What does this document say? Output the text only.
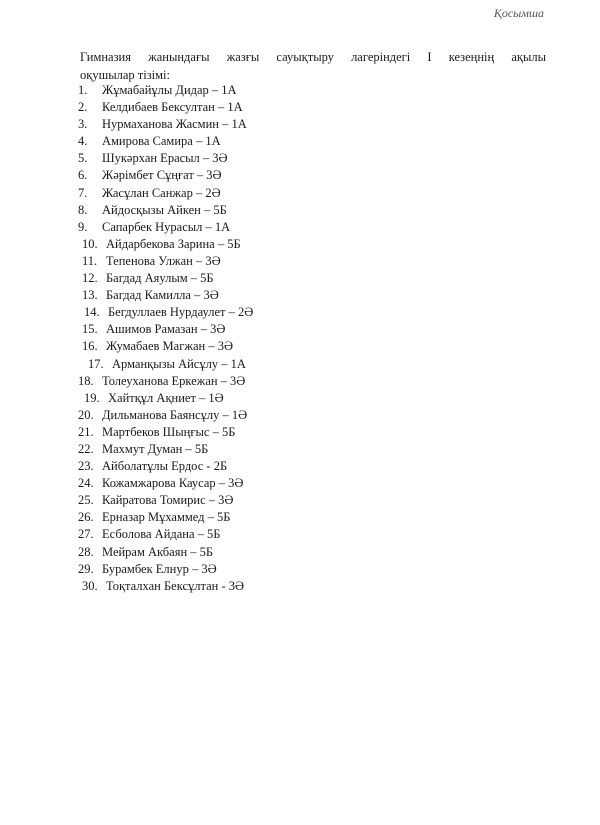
Қосымша
Гимназия жанындағы жазғы сауықтыру лагеріндегі I кезеңнің ақылы
оқушылар тізімі:
1. Жұмабайұлы Дидар – 1А
2. Келдибаев Бексултан – 1А
3. Нурмаханова Жасмин – 1А
4. Амирова Самира – 1А
5. Шукәрхан Ерасыл – 3Ә
6. Жәрімбет Сұңғат – 3Ә
7. Жасұлан Санжар – 2Ә
8. Айдосқызы Айкен – 5Б
9. Сапарбек Нурасыл – 1А
10. Айдарбекова Зарина – 5Б
11. Тепенова Улжан – 3Ә
12. Багдад Аяулым – 5Б
13. Багдад Камилла – 3Ә
14. Бегдуллаев Нурдаулет – 2Ә
15. Ашимов Рамазан – 3Ә
16. Жумабаев Магжан – 3Ә
17. Арманқызы Айсұлу – 1А
18. Толеуханова Еркежан – 3Ә
19. Хайтқұл Ақниет – 1Ә
20. Дильманова Баянсұлу – 1Ә
21. Мартбеков Шыңғыс – 5Б
22. Махмут Думан – 5Б
23. Айболатұлы Ердос - 2Б
24. Кожамжарова Каусар – 3Ә
25. Кайратова Томирис – 3Ә
26. Ерназар Мұхаммед – 5Б
27. Есболова Айдана – 5Б
28. Мейрам Акбаян – 5Б
29. Бурамбек Елнур – 3Ә
30. Тоқталхан Бексұлтан - 3Ә
